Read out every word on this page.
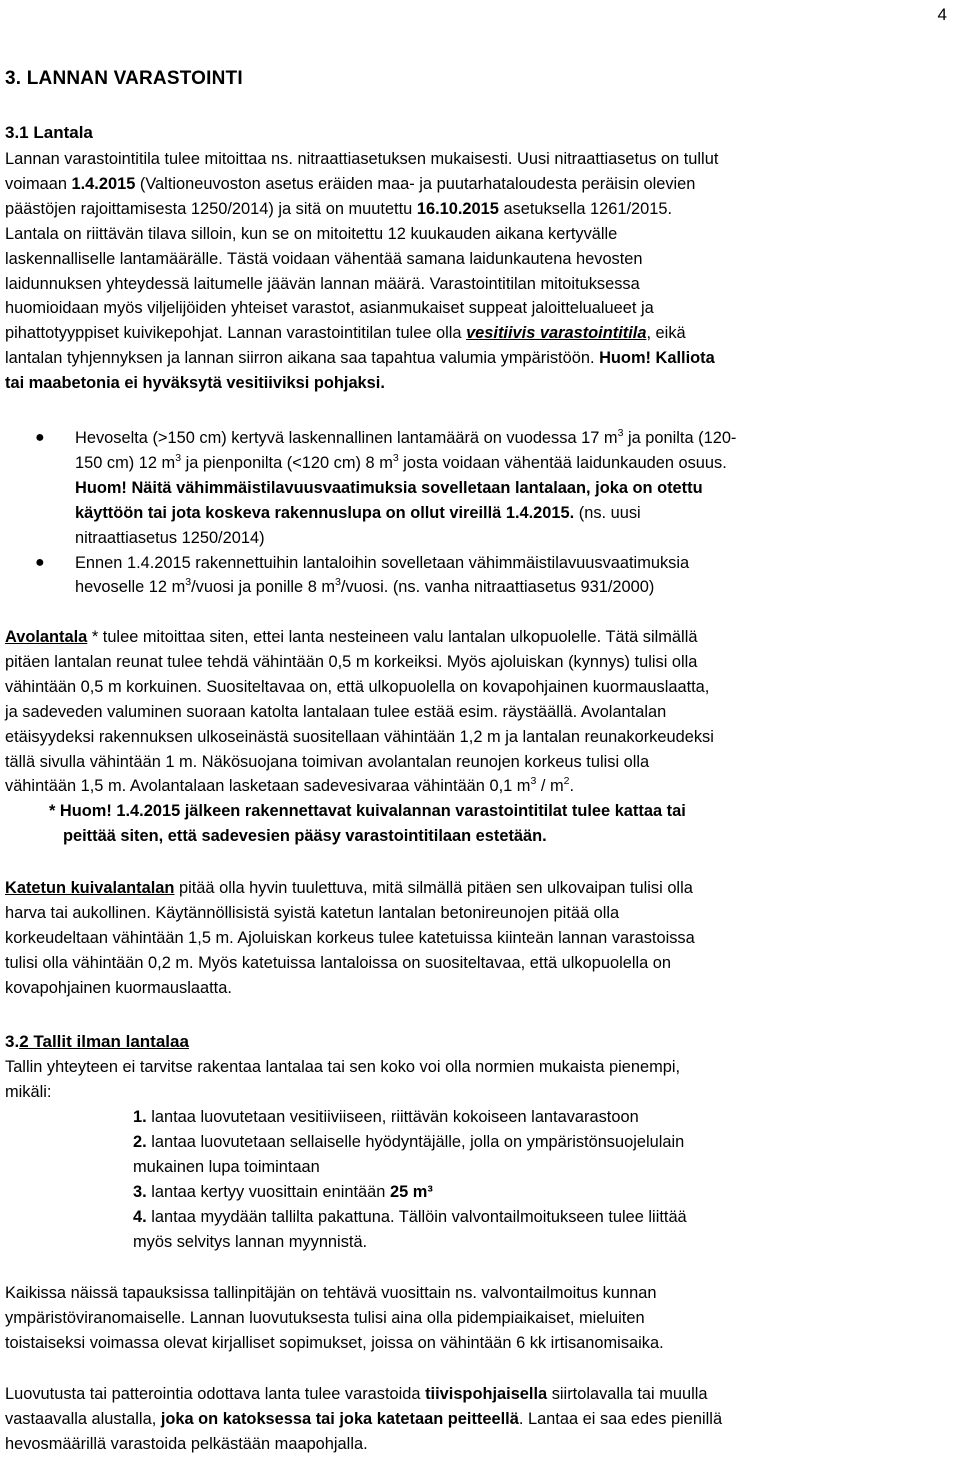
4
3. LANNAN VARASTOINTI
3.1 Lantala
Lannan varastointitila tulee mitoittaa ns. nitraattiasetuksen mukaisesti. Uusi nitraattiasetus on tullut
voimaan 1.4.2015 (Valtioneuvoston asetus eräiden maa- ja puutarhataloudesta peräisin olevien
päästöjen rajoittamisesta 1250/2014) ja sitä on muutettu 16.10.2015 asetuksella 1261/2015.
Lantala on riittävän tilava silloin, kun se on mitoitettu 12 kuukauden aikana kertyvälle
laskennalliselle lantamäärälle. Tästä voidaan vähentää samana laidunkautena hevosten
laidunnuksen yhteydessä laitumelle jäävän lannan määrä. Varastointitilan mitoituksessa
huomioidaan myös viljelijöiden yhteiset varastot, asianmukaiset suppeat jaloittelualueet ja
pihattotyyppiset kuivikepohjat. Lannan varastointitilan tulee olla vesitiivis varastointitila, eikä
lantalan tyhjennyksen ja lannan siirron aikana saa tapahtua valumia ympäristöön. Huom! Kalliota
tai maabetonia ei hyväksytä vesitiiviksi pohjaksi.
● Hevoselta (>150 cm) kertyvä laskennallinen lantamäärä on vuodessa 17 $m^3$ ja ponilta (120-
150 cm) 12 $m^3$ ja pienponilta (<120 cm) 8 $m^3$ josta voidaan vähentää laidunkauden osuus.
Huom! Näitä vähimmäistilavuusvaatimuksia sovelletaan lantalaan, joka on otettu
käyttöön tai jota koskeva rakennuslupa on ollut vireillä 1.4.2015. (ns. uusi
nitraattiasetus 1250/2014)
● Ennen 1.4.2015 rakennettuihin lantaloihin sovelletaan vähimmäistilavuusvaatimuksia
hevoselle 12 $m^3$/vuosi ja ponille 8 $m^3$/vuosi. (ns. vanha nitraattiasetus 931/2000)
Avolantala * tulee mitoittaa siten, ettei lanta nesteineen valu lantalan ulkopuolelle. Tätä silmällä
pitäen lantalan reunat tulee tehdä vähintään 0,5 m korkeiksi. Myös ajoluiskan (kynnys) tulisi olla
vähintään 0,5 m korkuinen. Suositeltavaa on, että ulkopuolella on kovapohjainen kuormauslaatta,
ja sadeveden valuminen suoraan katolta lantalaan tulee estää esim. räystäällä. Avolantalan
etäisyydeksi rakennuksen ulkoseinästä suositellaan vähintään 1,2 m ja lantalan reunakorkeudeksi
tällä sivulla vähintään 1 m. Näkösuojana toimivan avolantalan reunojen korkeus tulisi olla
vähintään 1,5 m. Avolantalaan lasketaan sadevesivaraa vähintään 0,1 $m^3 / m^2$.
* Huom! 1.4.2015 jälkeen rakennettavat kuivalannan varastointitilat tulee kattaa tai
peittää siten, että sadevesien pääsy varastointitilaan estetään.
Katetun kuivalantalan pitää olla hyvin tuulettuva, mitä silmällä pitäen sen ulkovaipan tulisi olla
harva tai aukollinen. Käytännöllisistä syistä katetun lantalan betonireunojen pitää olla
korkeudeltaan vähintään 1,5 m. Ajoluiskan korkeus tulee katetuissa kiinteän lannan varastoissa
tulisi olla vähintään 0,2 m. Myös katetuissa lantaloissa on suositeltavaa, että ulkopuolella on
kovapohjainen kuormauslaatta.
3.2 Tallit ilman lantalaa
Tallin yhteyteen ei tarvitse rakentaa lantalaa tai sen koko voi olla normien mukaista pienempi,
mikäli:
1. lantaa luovutetaan vesitiiviiseen, riittävän kokoiseen lantavarastoon
2. lantaa luovutetaan sellaiselle hyödyntäjälle, jolla on ympäristönsuojelulain
mukainen lupa toimintaan
3. lantaa kertyy vuosittain enintään 25 m³
4. lantaa myydään tallilta pakattuna. Tällöin valvontailmoitukseen tulee liittää
myös selvitys lannan myynnistä.
Kaikissa näissä tapauksissa tallinpitäjän on tehtävä vuosittain ns. valvontailmoitus kunnan
ympäristöviranomaiselle. Lannan luovutuksesta tulisi aina olla pidempiaikaiset, mieluiten
toistaiseksi voimassa olevat kirjalliset sopimukset, joissa on vähintään 6 kk irtisanomisaika.
Luovutusta tai patterointia odottava lanta tulee varastoida tiivispohjaisella siirtolavalla tai muulla
vastaavalla alustalla, joka on katoksessa tai joka katetaan peitteellä. Lantaa ei saa edes pienillä
hevosmäärillä varastoida pelkästään maapohjalla.
